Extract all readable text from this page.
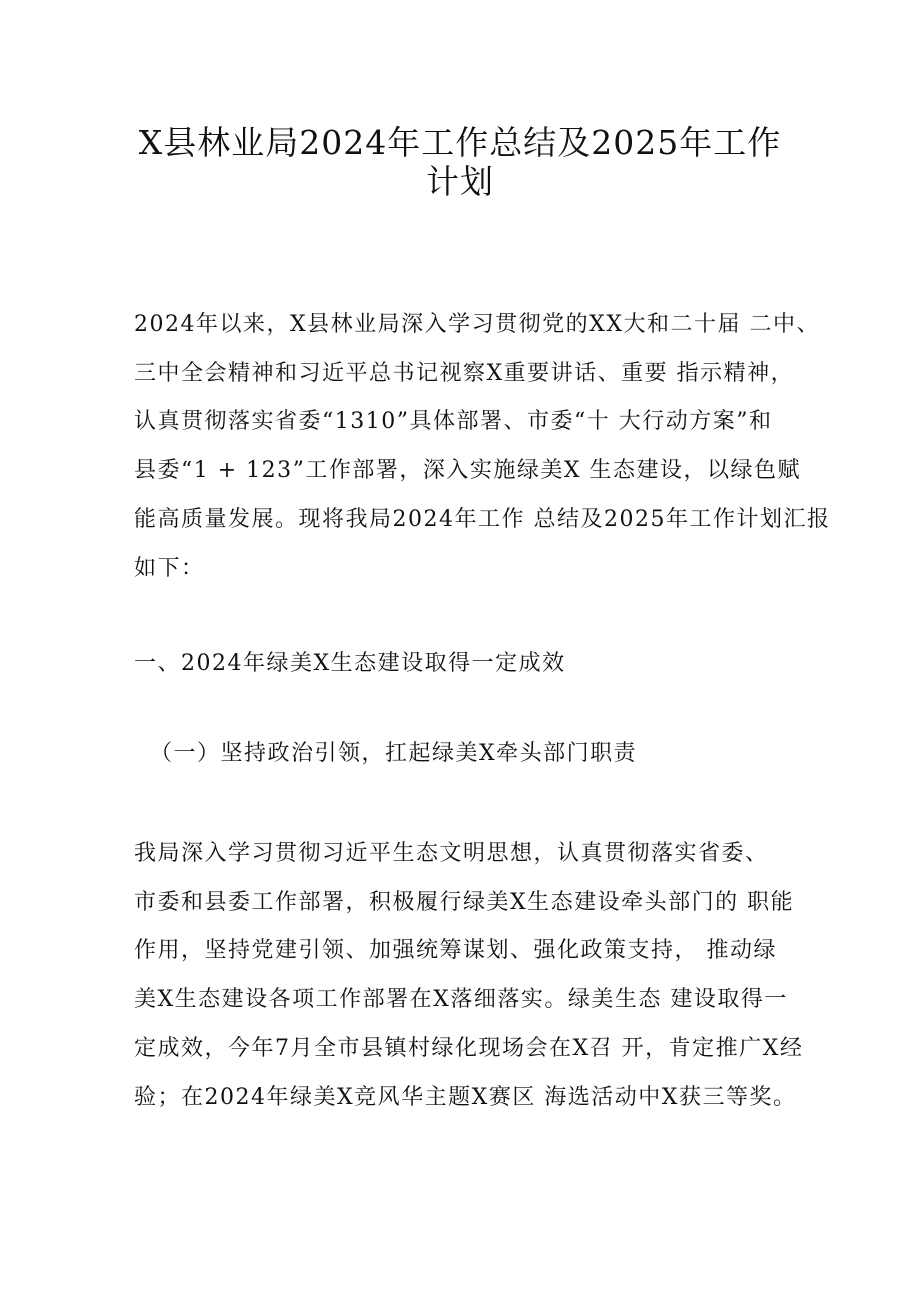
X县林业局2024年工作总结及2025年工作
计划

2024年以来，X县林业局深入学习贯彻党的XX大和二十届 二中、
三中全会精神和习近平总书记视察X重要讲话、重要 指示精神，
认真贯彻落实省委“1310”具体部署、市委“十 大行动方案”和
县委“1 + 123”工作部署，深入实施绿美X 生态建设，以绿色赋
能高质量发展。现将我局2024年工作 总结及2025年工作计划汇报
如下：

一、2024年绿美X生态建设取得一定成效

（一）坚持政治引领，扛起绿美X牵头部门职责

我局深入学习贯彻习近平生态文明思想，认真贯彻落实省委、
市委和县委工作部署，积极履行绿美X生态建设牵头部门的 职能
作用，坚持党建引领、加强统筹谋划、强化政策支持， 推动绿
美X生态建设各项工作部署在X落细落实。绿美生态 建设取得一
定成效，今年7月全市县镇村绿化现场会在X召 开，肯定推广X经
验；在2024年绿美X竞风华主题X赛区 海选活动中X获三等奖。
